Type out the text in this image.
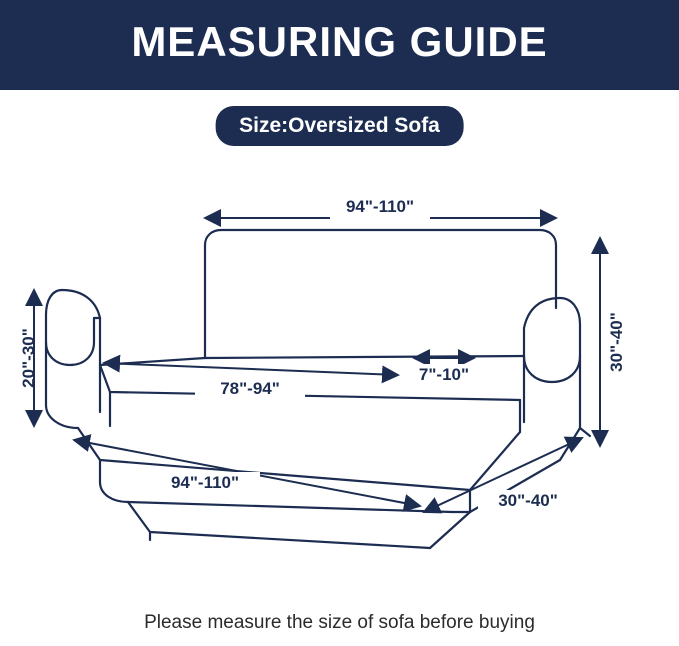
MEASURING GUIDE
Size:Oversized Sofa
94"-110"
78"-94"
7"-10"
94"-110"
30"-40"
20"-30"	30"-40"
Please measure the size of sofa before buying
